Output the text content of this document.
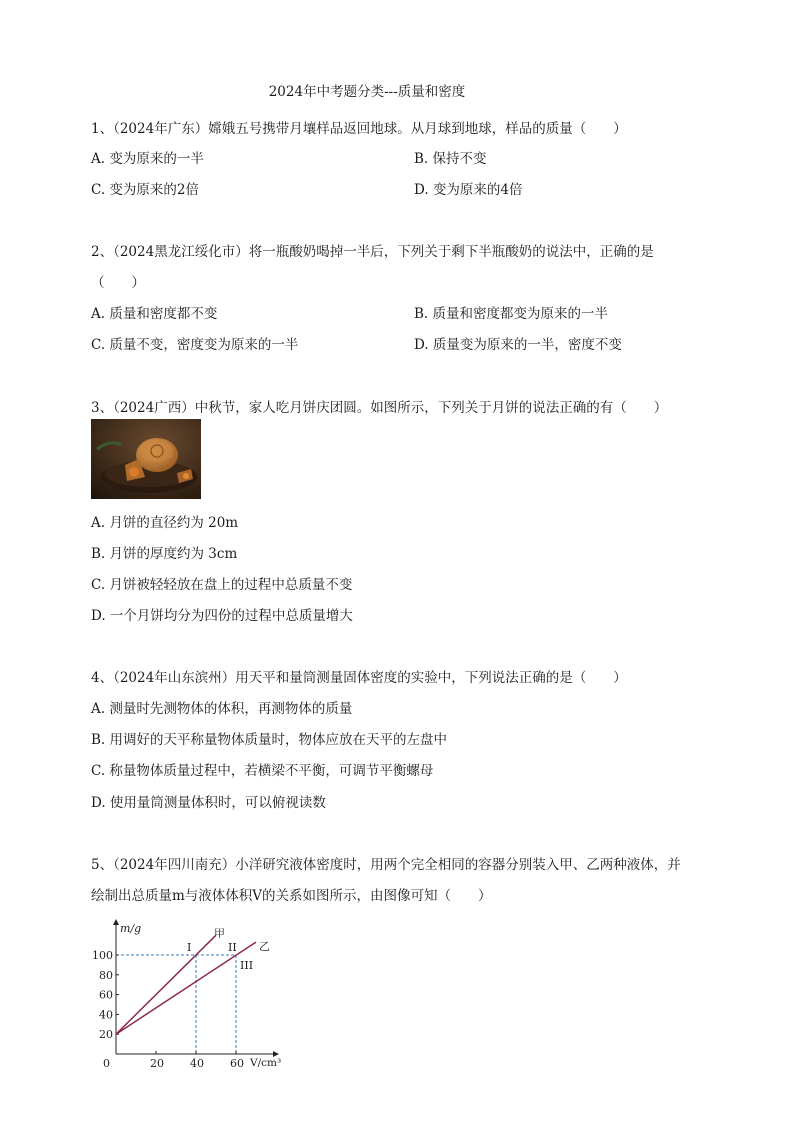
2024年中考题分类---质量和密度
1、（2024年广东）嫦娥五号携带月壤样品返回地球。从月球到地球，样品的质量（　　）
A. 变为原来的一半	B. 保持不变
C. 变为原来的2倍	D. 变为原来的4倍
2、（2024黑龙江绥化市）将一瓶酸奶喝掉一半后，下列关于剩下半瓶酸奶的说法中，正确的是
（　　）
A. 质量和密度都不变	B. 质量和密度都变为原来的一半
C. 质量不变，密度变为原来的一半	D. 质量变为原来的一半，密度不变
3、（2024广西）中秋节，家人吃月饼庆团圆。如图所示，下列关于月饼的说法正确的有（　　）
A. 月饼的直径约为 20m
B. 月饼的厚度约为 3cm
C. 月饼被轻轻放在盘上的过程中总质量不变
D. 一个月饼均分为四份的过程中总质量增大
4、（2024年山东滨州）用天平和量筒测量固体密度的实验中，下列说法正确的是（　　）
A. 测量时先测物体的体积，再测物体的质量
B. 用调好的天平称量物体质量时，物体应放在天平的左盘中
C. 称量物体质量过程中，若横梁不平衡，可调节平衡螺母
D. 使用量筒测量体积时，可以俯视读数
5、（2024年四川南充）小洋研究液体密度时，用两个完全相同的容器分别装入甲、乙两种液体，并
绘制出总质量m与液体体积V的关系如图所示，由图像可知（　　）
m/g
V/cm³
0	20 40 60
20
40
60
80
100
甲
乙
I	II
III
